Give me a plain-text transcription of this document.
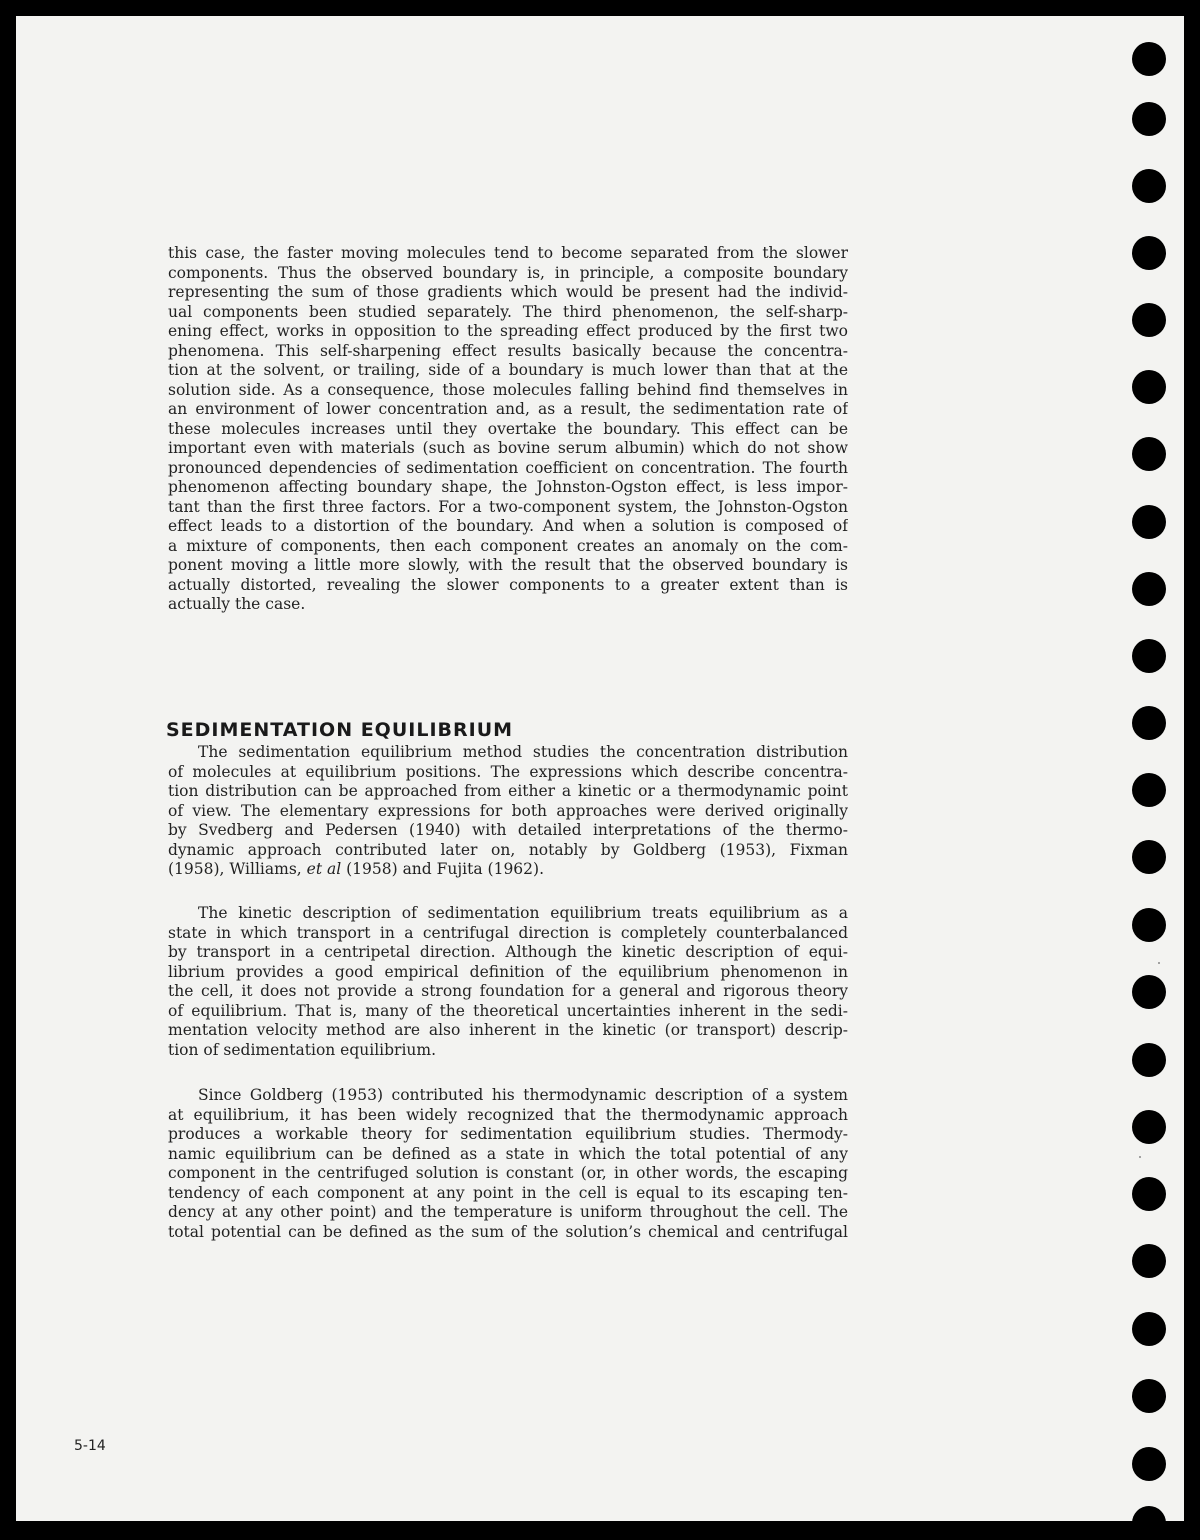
this case, the faster moving molecules tend to become separated from the slower
components. Thus the observed boundary is, in principle, a composite boundary
representing the sum of those gradients which would be present had the individ-
ual components been studied separately. The third phenomenon, the self-sharp-
ening effect, works in opposition to the spreading effect produced by the first two
phenomena. This self-sharpening effect results basically because the concentra-
tion at the solvent, or trailing, side of a boundary is much lower than that at the
solution side. As a consequence, those molecules falling behind find themselves in
an environment of lower concentration and, as a result, the sedimentation rate of
these molecules increases until they overtake the boundary. This effect can be
important even with materials (such as bovine serum albumin) which do not show
pronounced dependencies of sedimentation coefficient on concentration. The fourth
phenomenon affecting boundary shape, the Johnston-Ogston effect, is less impor-
tant than the first three factors. For a two-component system, the Johnston-Ogston
effect leads to a distortion of the boundary. And when a solution is composed of
a mixture of components, then each component creates an anomaly on the com-
ponent moving a little more slowly, with the result that the observed boundary is
actually distorted, revealing the slower components to a greater extent than is
actually the case.
SEDIMENTATION EQUILIBRIUM
The sedimentation equilibrium method studies the concentration distribution
of molecules at equilibrium positions. The expressions which describe concentra-
tion distribution can be approached from either a kinetic or a thermodynamic point
of view. The elementary expressions for both approaches were derived originally
by Svedberg and Pedersen (1940) with detailed interpretations of the thermo-
dynamic approach contributed later on, notably by Goldberg (1953), Fixman
(1958), Williams, et al (1958) and Fujita (1962).
The kinetic description of sedimentation equilibrium treats equilibrium as a
state in which transport in a centrifugal direction is completely counterbalanced
by transport in a centripetal direction. Although the kinetic description of equi-
librium provides a good empirical definition of the equilibrium phenomenon in
the cell, it does not provide a strong foundation for a general and rigorous theory
of equilibrium. That is, many of the theoretical uncertainties inherent in the sedi-
mentation velocity method are also inherent in the kinetic (or transport) descrip-
tion of sedimentation equilibrium.
Since Goldberg (1953) contributed his thermodynamic description of a system
at equilibrium, it has been widely recognized that the thermodynamic approach
produces a workable theory for sedimentation equilibrium studies. Thermody-
namic equilibrium can be defined as a state in which the total potential of any
component in the centrifuged solution is constant (or, in other words, the escaping
tendency of each component at any point in the cell is equal to its escaping ten-
dency at any other point) and the temperature is uniform throughout the cell. The
total potential can be defined as the sum of the solution’s chemical and centrifugal
5-14
